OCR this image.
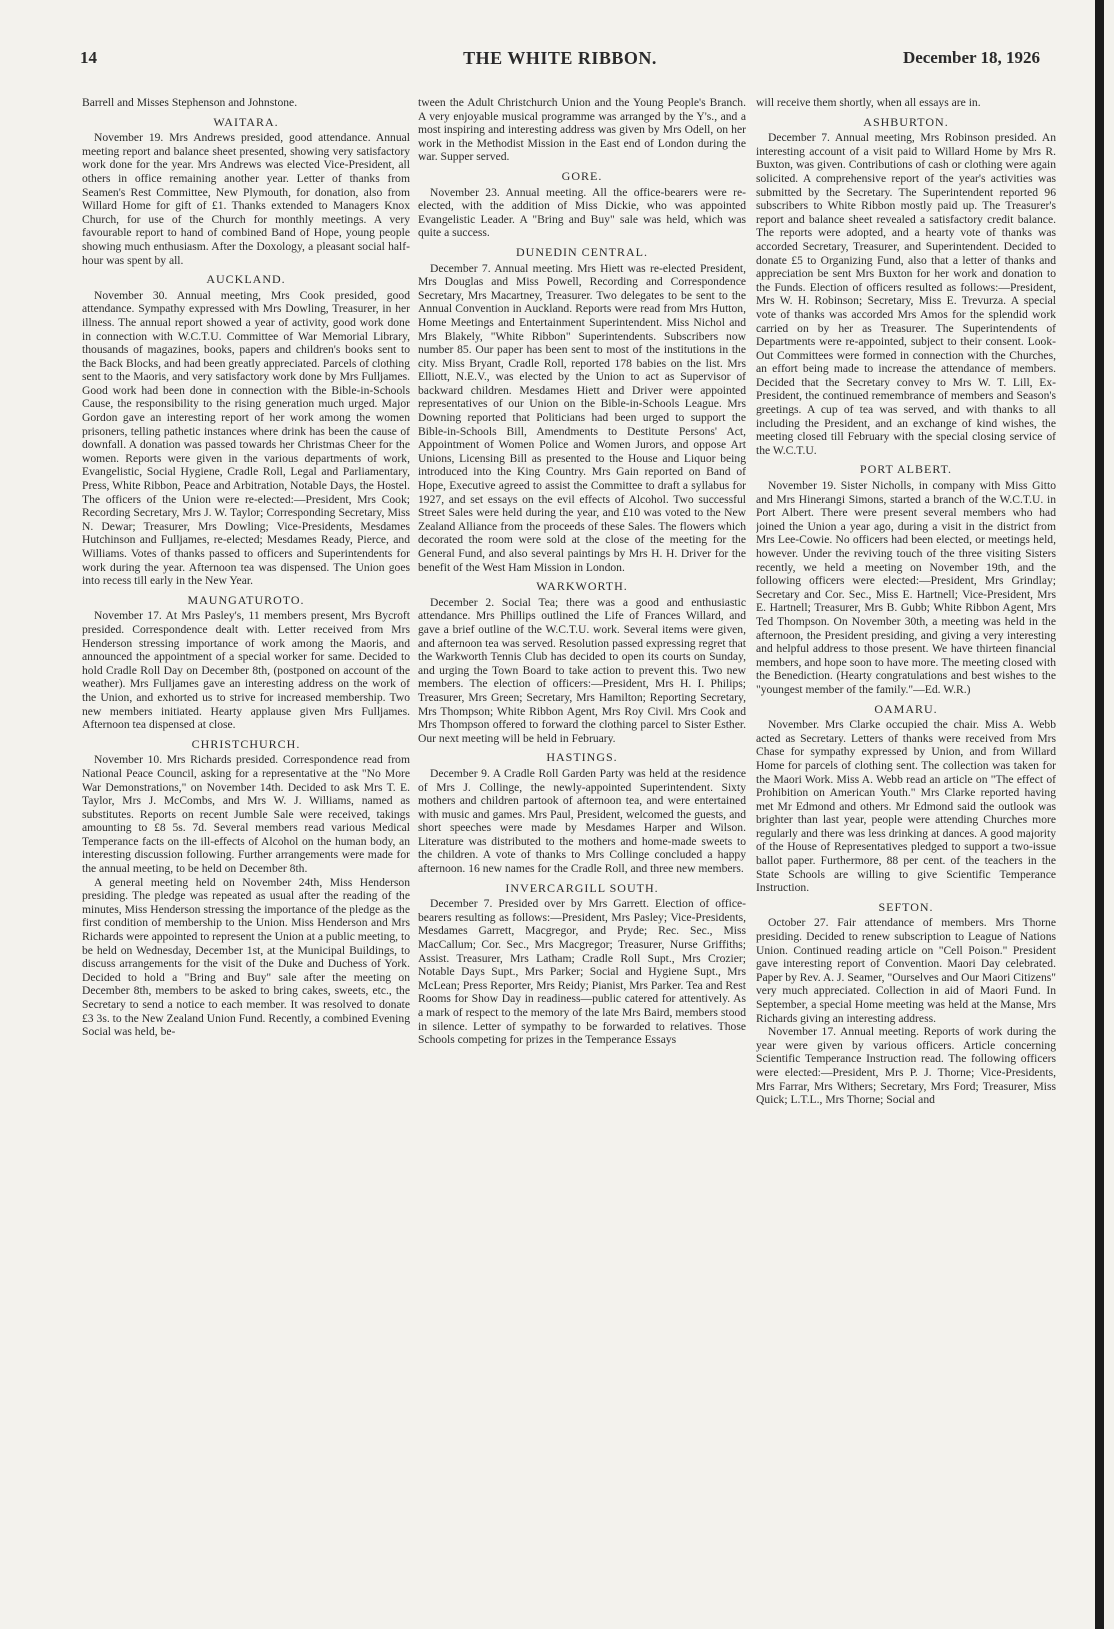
14	THE WHITE RIBBON.	December 18, 1926

Barrell and Misses Stephenson and Johnstone.

WAITARA.

November 19. Mrs Andrews presided, good attendance. Annual meeting report and balance sheet presented, showing very satisfactory work done for the year. Mrs Andrews was elected Vice-President, all others in office remaining another year. Letter of thanks from Seamen's Rest Committee, New Plymouth, for donation, also from Willard Home for gift of £1. Thanks extended to Managers Knox Church, for use of the Church for monthly meetings. A very favourable report to hand of combined Band of Hope, young people showing much enthusiasm. After the Doxology, a pleasant social half-hour was spent by all.

AUCKLAND.

November 30. Annual meeting, Mrs Cook presided, good attendance. Sympathy expressed with Mrs Dowling, Treasurer, in her illness. The annual report showed a year of activity, good work done in connection with W.C.T.U. Committee of War Memorial Library, thousands of magazines, books, papers and children's books sent to the Back Blocks, and had been greatly appreciated. Parcels of clothing sent to the Maoris, and very satisfactory work done by Mrs Fulljames. Good work had been done in connection with the Bible-in-Schools Cause, the responsibility to the rising generation much urged. Major Gordon gave an interesting report of her work among the women prisoners, telling pathetic instances where drink has been the cause of downfall. A donation was passed towards her Christmas Cheer for the women. Reports were given in the various departments of work, Evangelistic, Social Hygiene, Cradle Roll, Legal and Parliamentary, Press, White Ribbon, Peace and Arbitration, Notable Days, the Hostel. The officers of the Union were re-elected:—President, Mrs Cook; Recording Secretary, Mrs J. W. Taylor; Corresponding Secretary, Miss N. Dewar; Treasurer, Mrs Dowling; Vice-Presidents, Mesdames Hutchinson and Fulljames, re-elected; Mesdames Ready, Pierce, and Williams. Votes of thanks passed to officers and Superintendents for work during the year. Afternoon tea was dispensed. The Union goes into recess till early in the New Year.

MAUNGATUROTO.

November 17. At Mrs Pasley's, 11 members present, Mrs Bycroft presided. Correspondence dealt with. Letter received from Mrs Henderson stressing importance of work among the Maoris, and announced the appointment of a special worker for same. Decided to hold Cradle Roll Day on December 8th, (postponed on account of the weather). Mrs Fulljames gave an interesting address on the work of the Union, and exhorted us to strive for increased membership. Two new members initiated. Hearty applause given Mrs Fulljames. Afternoon tea dispensed at close.

CHRISTCHURCH.

November 10. Mrs Richards presided. Correspondence read from National Peace Council, asking for a representative at the "No More War Demonstrations," on November 14th. Decided to ask Mrs T. E. Taylor, Mrs J. McCombs, and Mrs W. J. Williams, named as substitutes. Reports on recent Jumble Sale were received, takings amounting to £8 5s. 7d. Several members read various Medical Temperance facts on the ill-effects of Alcohol on the human body, an interesting discussion following. Further arrangements were made for the annual meeting, to be held on December 8th.

A general meeting held on November 24th, Miss Henderson presiding. The pledge was repeated as usual after the reading of the minutes, Miss Henderson stressing the importance of the pledge as the first condition of membership to the Union. Miss Henderson and Mrs Richards were appointed to represent the Union at a public meeting, to be held on Wednesday, December 1st, at the Municipal Buildings, to discuss arrangements for the visit of the Duke and Duchess of York. Decided to hold a "Bring and Buy" sale after the meeting on December 8th, members to be asked to bring cakes, sweets, etc., the Secretary to send a notice to each member. It was resolved to donate £3 3s. to the New Zealand Union Fund. Recently, a combined Evening Social was held, be-

tween the Adult Christchurch Union and the Young People's Branch. A very enjoyable musical programme was arranged by the Y's., and a most inspiring and interesting address was given by Mrs Odell, on her work in the Methodist Mission in the East end of London during the war. Supper served.

GORE.

November 23. Annual meeting. All the office-bearers were re-elected, with the addition of Miss Dickie, who was appointed Evangelistic Leader. A "Bring and Buy" sale was held, which was quite a success.

DUNEDIN CENTRAL.

December 7. Annual meeting. Mrs Hiett was re-elected President, Mrs Douglas and Miss Powell, Recording and Correspondence Secretary, Mrs Macartney, Treasurer. Two delegates to be sent to the Annual Convention in Auckland. Reports were read from Mrs Hutton, Home Meetings and Entertainment Superintendent. Miss Nichol and Mrs Blakely, "White Ribbon" Superintendents. Subscribers now number 85. Our paper has been sent to most of the institutions in the city. Miss Bryant, Cradle Roll, reported 178 babies on the list. Mrs Elliott, N.E.V., was elected by the Union to act as Supervisor of backward children. Mesdames Hiett and Driver were appointed representatives of our Union on the Bible-in-Schools League. Mrs Downing reported that Politicians had been urged to support the Bible-in-Schools Bill, Amendments to Destitute Persons' Act, Appointment of Women Police and Women Jurors, and oppose Art Unions, Licensing Bill as presented to the House and Liquor being introduced into the King Country. Mrs Gain reported on Band of Hope, Executive agreed to assist the Committee to draft a syllabus for 1927, and set essays on the evil effects of Alcohol. Two successful Street Sales were held during the year, and £10 was voted to the New Zealand Alliance from the proceeds of these Sales. The flowers which decorated the room were sold at the close of the meeting for the General Fund, and also several paintings by Mrs H. H. Driver for the benefit of the West Ham Mission in London.

WARKWORTH.

December 2. Social Tea; there was a good and enthusiastic attendance. Mrs Phillips outlined the Life of Frances Willard, and gave a brief outline of the W.C.T.U. work. Several items were given, and afternoon tea was served. Resolution passed expressing regret that the Warkworth Tennis Club has decided to open its courts on Sunday, and urging the Town Board to take action to prevent this. Two new members. The election of officers:—President, Mrs H. I. Philips; Treasurer, Mrs Green; Secretary, Mrs Hamilton; Reporting Secretary, Mrs Thompson; White Ribbon Agent, Mrs Roy Civil. Mrs Cook and Mrs Thompson offered to forward the clothing parcel to Sister Esther. Our next meeting will be held in February.

HASTINGS.

December 9. A Cradle Roll Garden Party was held at the residence of Mrs J. Collinge, the newly-appointed Superintendent. Sixty mothers and children partook of afternoon tea, and were entertained with music and games. Mrs Paul, President, welcomed the guests, and short speeches were made by Mesdames Harper and Wilson. Literature was distributed to the mothers and home-made sweets to the children. A vote of thanks to Mrs Collinge concluded a happy afternoon. 16 new names for the Cradle Roll, and three new members.

INVERCARGILL SOUTH.

December 7. Presided over by Mrs Garrett. Election of office-bearers resulting as follows:—President, Mrs Pasley; Vice-Presidents, Mesdames Garrett, Macgregor, and Pryde; Rec. Sec., Miss MacCallum; Cor. Sec., Mrs Macgregor; Treasurer, Nurse Griffiths; Assist. Treasurer, Mrs Latham; Cradle Roll Supt., Mrs Crozier; Notable Days Supt., Mrs Parker; Social and Hygiene Supt., Mrs McLean; Press Reporter, Mrs Reidy; Pianist, Mrs Parker. Tea and Rest Rooms for Show Day in readiness—public catered for attentively. As a mark of respect to the memory of the late Mrs Baird, members stood in silence. Letter of sympathy to be forwarded to relatives. Those Schools competing for prizes in the Temperance Essays

will receive them shortly, when all essays are in.

ASHBURTON.

December 7. Annual meeting, Mrs Robinson presided. An interesting account of a visit paid to Willard Home by Mrs R. Buxton, was given. Contributions of cash or clothing were again solicited. A comprehensive report of the year's activities was submitted by the Secretary. The Superintendent reported 96 subscribers to White Ribbon mostly paid up. The Treasurer's report and balance sheet revealed a satisfactory credit balance. The reports were adopted, and a hearty vote of thanks was accorded Secretary, Treasurer, and Superintendent. Decided to donate £5 to Organizing Fund, also that a letter of thanks and appreciation be sent Mrs Buxton for her work and donation to the Funds. Election of officers resulted as follows:—President, Mrs W. H. Robinson; Secretary, Miss E. Trevurza. A special vote of thanks was accorded Mrs Amos for the splendid work carried on by her as Treasurer. The Superintendents of Departments were re-appointed, subject to their consent. Look-Out Committees were formed in connection with the Churches, an effort being made to increase the attendance of members. Decided that the Secretary convey to Mrs W. T. Lill, Ex-President, the continued remembrance of members and Season's greetings. A cup of tea was served, and with thanks to all including the President, and an exchange of kind wishes, the meeting closed till February with the special closing service of the W.C.T.U.

PORT ALBERT.

November 19. Sister Nicholls, in company with Miss Gitto and Mrs Hinerangi Simons, started a branch of the W.C.T.U. in Port Albert. There were present several members who had joined the Union a year ago, during a visit in the district from Mrs Lee-Cowie. No officers had been elected, or meetings held, however. Under the reviving touch of the three visiting Sisters recently, we held a meeting on November 19th, and the following officers were elected:—President, Mrs Grindlay; Secretary and Cor. Sec., Miss E. Hartnell; Vice-President, Mrs E. Hartnell; Treasurer, Mrs B. Gubb; White Ribbon Agent, Mrs Ted Thompson. On November 30th, a meeting was held in the afternoon, the President presiding, and giving a very interesting and helpful address to those present. We have thirteen financial members, and hope soon to have more. The meeting closed with the Benediction. (Hearty congratulations and best wishes to the "youngest member of the family."—Ed. W.R.)

OAMARU.

November. Mrs Clarke occupied the chair. Miss A. Webb acted as Secretary. Letters of thanks were received from Mrs Chase for sympathy expressed by Union, and from Willard Home for parcels of clothing sent. The collection was taken for the Maori Work. Miss A. Webb read an article on "The effect of Prohibition on American Youth." Mrs Clarke reported having met Mr Edmond and others. Mr Edmond said the outlook was brighter than last year, people were attending Churches more regularly and there was less drinking at dances. A good majority of the House of Representatives pledged to support a two-issue ballot paper. Furthermore, 88 per cent. of the teachers in the State Schools are willing to give Scientific Temperance Instruction.

SEFTON.

October 27. Fair attendance of members. Mrs Thorne presiding. Decided to renew subscription to League of Nations Union. Continued reading article on "Cell Poison." President gave interesting report of Convention. Maori Day celebrated. Paper by Rev. A. J. Seamer, "Ourselves and Our Maori Citizens" very much appreciated. Collection in aid of Maori Fund. In September, a special Home meeting was held at the Manse, Mrs Richards giving an interesting address.

November 17. Annual meeting. Reports of work during the year were given by various officers. Article concerning Scientific Temperance Instruction read. The following officers were elected:—President, Mrs P. J. Thorne; Vice-Presidents, Mrs Farrar, Mrs Withers; Secretary, Mrs Ford; Treasurer, Miss Quick; L.T.L., Mrs Thorne; Social and
